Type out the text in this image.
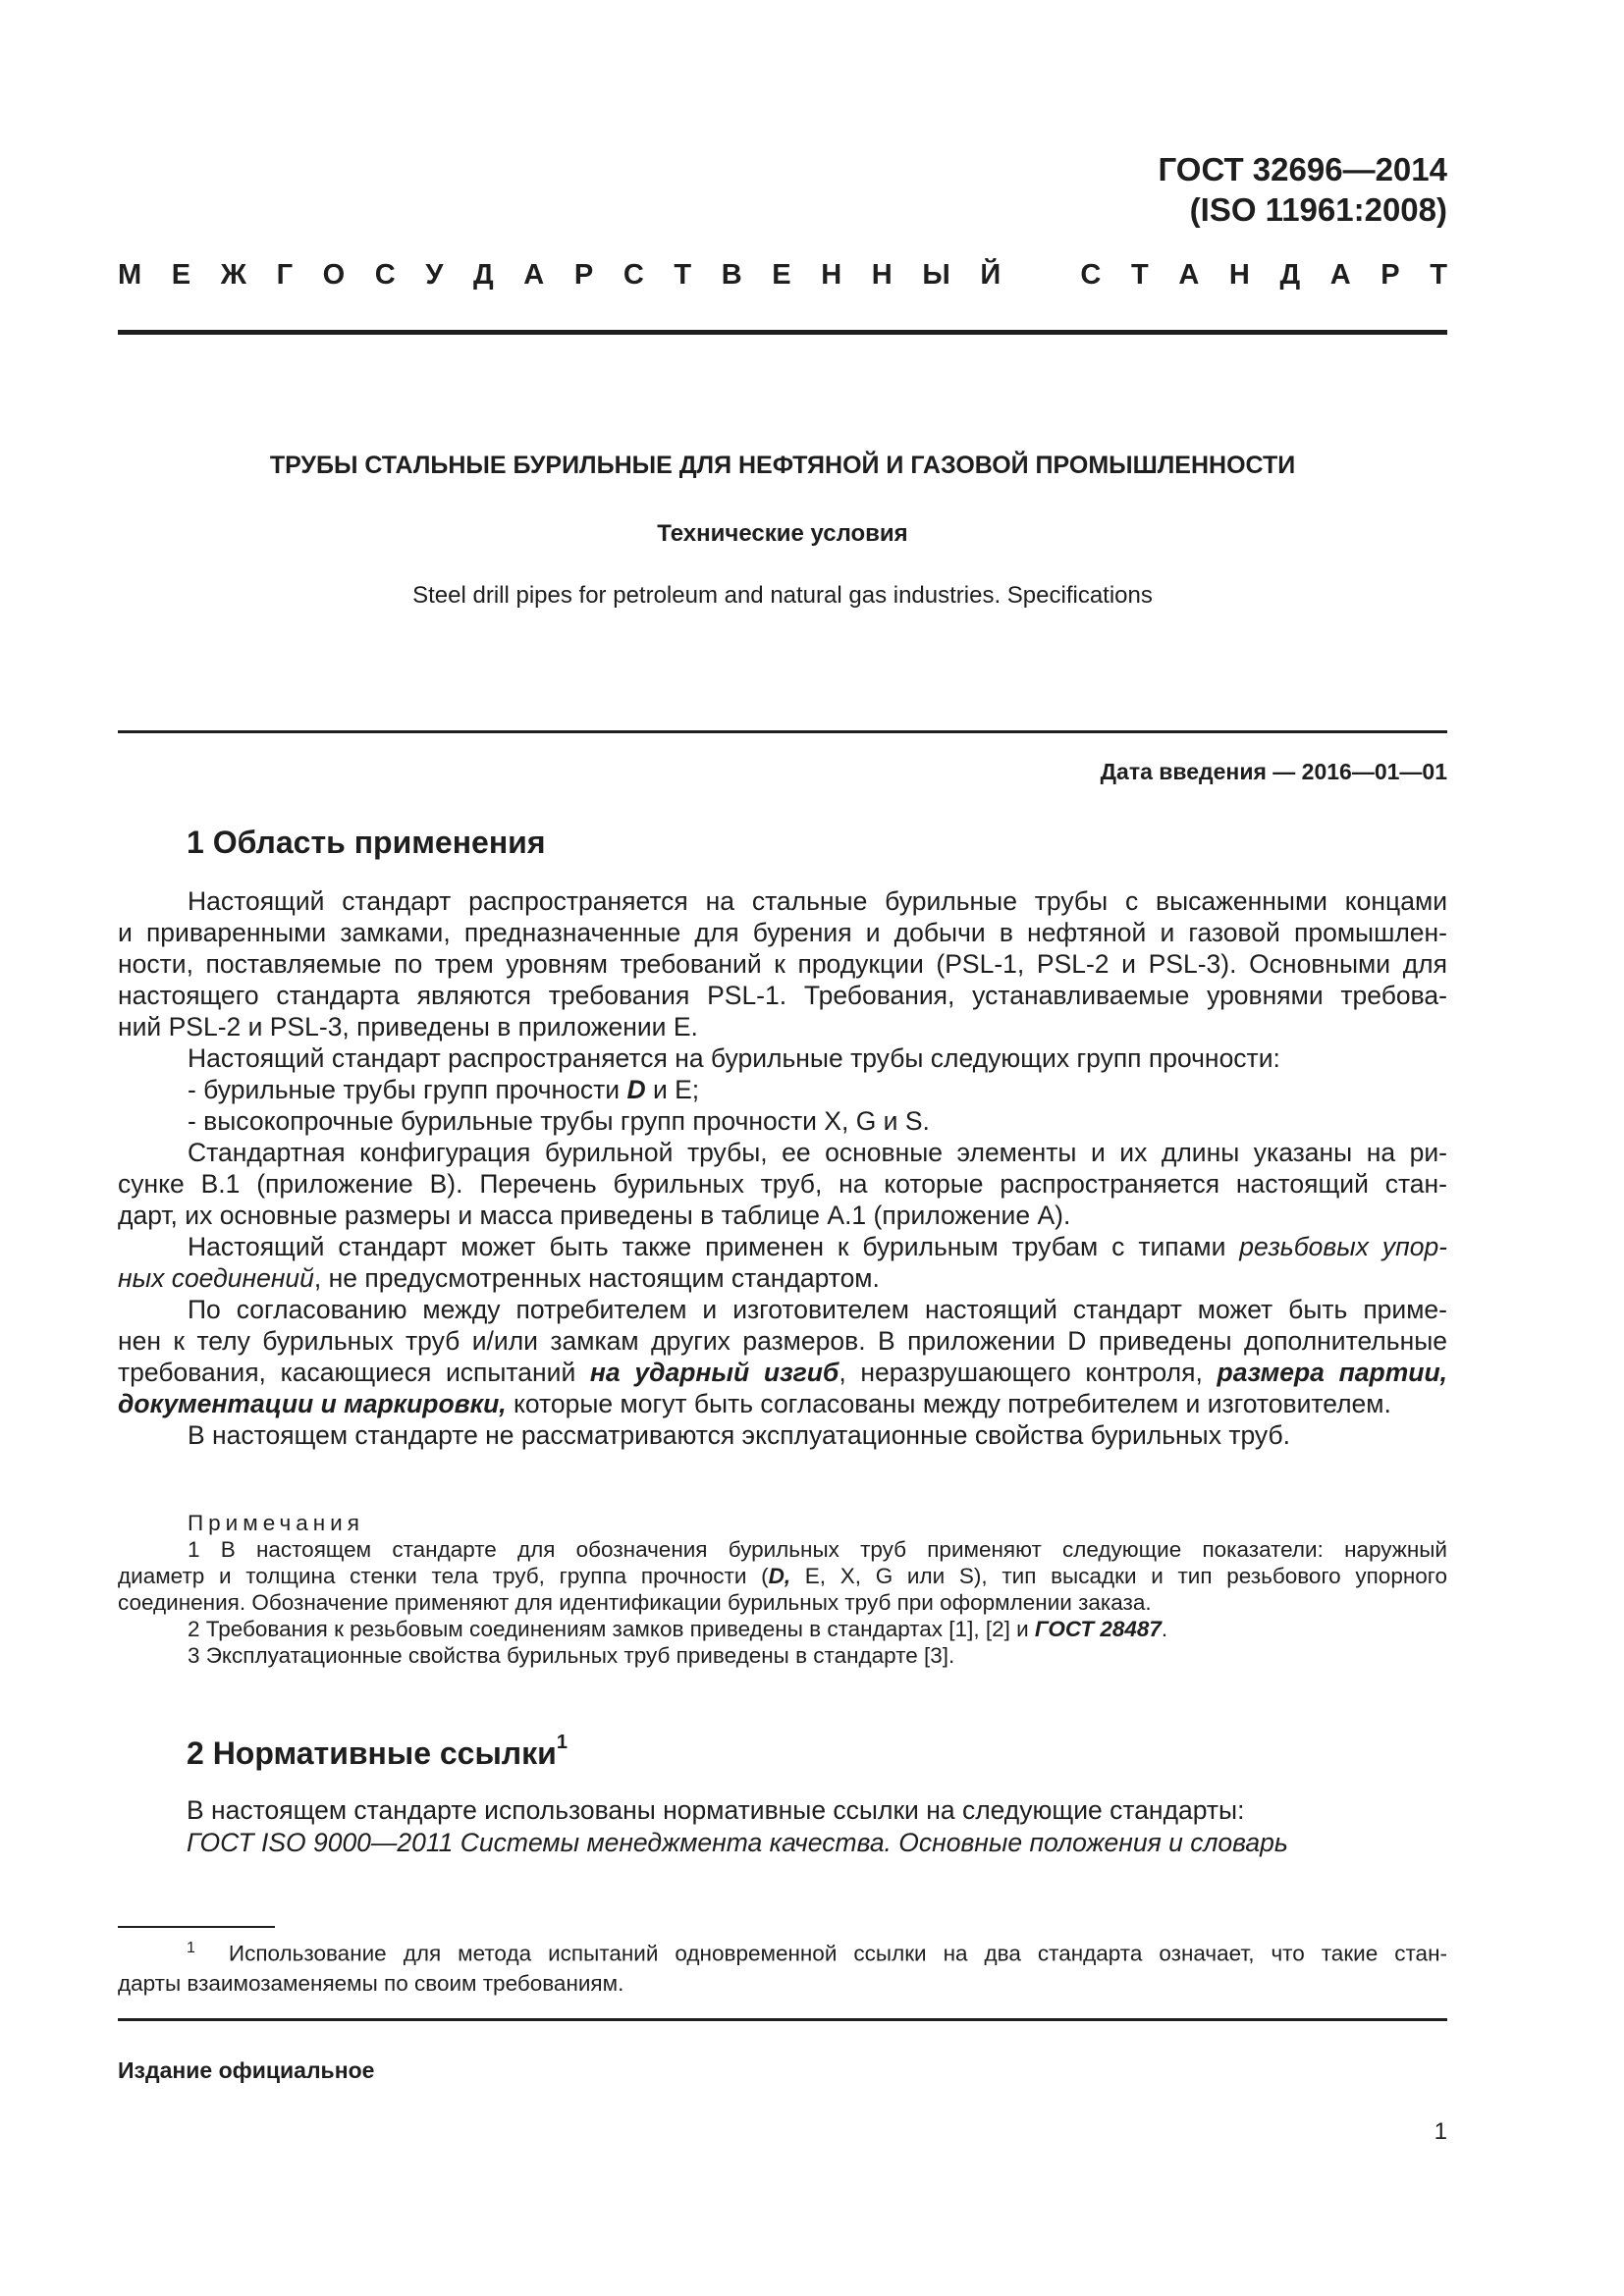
ГОСТ 32696—2014
(ISO 11961:2008)
М Е Ж Г О С У Д А Р С Т В Е Н Н Ы Й	С Т А Н Д А Р Т
ТРУБЫ СТАЛЬНЫЕ БУРИЛЬНЫЕ ДЛЯ НЕФТЯНОЙ И ГАЗОВОЙ ПРОМЫШЛЕННОСТИ
Технические условия
Steel drill pipes for petroleum and natural gas industries. Specifications
Дата введения — 2016—01—01
1 Область применения

Настоящий стандарт распространяется на стальные бурильные трубы с высаженными концами

и приваренными замками, предназначенные для бурения и добычи в нефтяной и газовой промышлен-

ности, поставляемые по трем уровням требований к продукции (PSL-1, PSL-2 и PSL-3). Основными для

настоящего стандарта являются требования PSL-1. Требования, устанавливаемые уровнями требова-

ний PSL-2 и PSL-3, приведены в приложении E.

Настоящий стандарт распространяется на бурильные трубы следующих групп прочности:

- бурильные трубы групп прочности D и E;

- высокопрочные бурильные трубы групп прочности X, G и S.

Стандартная конфигурация бурильной трубы, ее основные элементы и их длины указаны на ри-

сунке B.1 (приложение B). Перечень бурильных труб, на которые распространяется настоящий стан-

дарт, их основные размеры и масса приведены в таблице A.1 (приложение A).

Настоящий стандарт может быть также применен к бурильным трубам с типами резьбовых упор-

ных соединений, не предусмотренных настоящим стандартом.

По согласованию между потребителем и изготовителем настоящий стандарт может быть приме-

нен к телу бурильных труб и/или замкам других размеров. В приложении D приведены дополнительные

требования, касающиеся испытаний на ударный изгиб, неразрушающего контроля, размера партии,

документации и маркировки, которые могут быть согласованы между потребителем и изготовителем.

В настоящем стандарте не рассматриваются эксплуатационные свойства бурильных труб.

Примечания

1 В настоящем стандарте для обозначения бурильных труб применяют следующие показатели: наружный

диаметр и толщина стенки тела труб, группа прочности (D, E, X, G или S), тип высадки и тип резьбового упорного

соединения. Обозначение применяют для идентификации бурильных труб при оформлении заказа.

2 Требования к резьбовым соединениям замков приведены в стандартах [1], [2] и ГОСТ 28487.

3 Эксплуатационные свойства бурильных труб приведены в стандарте [3].

2 Нормативные ссылки$^1$

В настоящем стандарте использованы нормативные ссылки на следующие стандарты:

ГОСТ ISO 9000—2011 Системы менеджмента качества. Основные положения и словарь

$^1$ Использование для метода испытаний одновременной ссылки на два стандарта означает, что такие стан-

дарты взаимозаменяемы по своим требованиям.

Издание официальное
1
